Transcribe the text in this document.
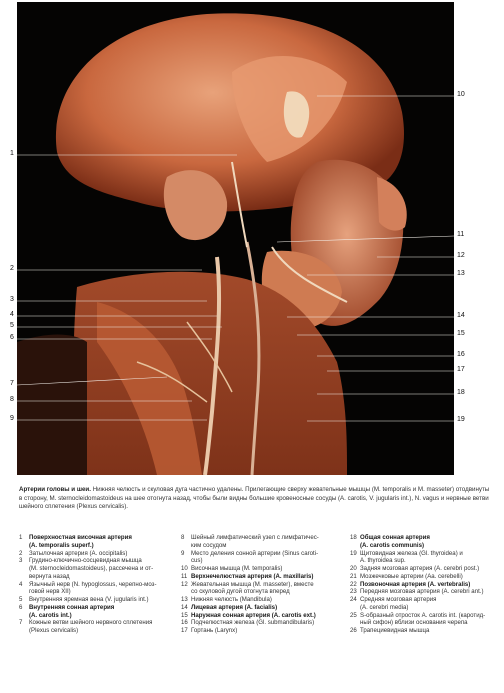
1
2
3
4
5
6
7
8
9
10
11
12
13
14
15
16
17
18
19
Артерии головы и шеи. Нижняя челюсть и скуловая дуга частично удалены. Прилегающие сверху жевательные мышцы (M. temporalis и M. masseter) отодвинуты в сторону, M. sternocleidomastoideus на шее отогнута назад, чтобы были видны большие кровеносные сосуды (A. carotis, V. jugularis int.), N. vagus и нервные ветви шейного сплетения (Plexus cervicalis).
1	Поверхностная височная артерия
(A. temporalis superf.)
2	Затылочная артерия (A. occipitalis)
3	Грудино-ключично-сосцевидная мышца
(M. sternocleidomastoideus), рассечена и от-
вернута назад
4	Язычный нерв (N. hypoglossus, черепно-моз-
говой нерв XII)
5	Внутренняя яремная вена (V. jugularis int.)
6	Внутренняя сонная артерия
(A. carotis int.)
7	Кожные ветви шейного нервного сплетения
(Plexus cervicalis)
8	Шейный лимфатический узел с лимфатичес-
ким сосудом
9	Место деления сонной артерии (Sinus caroti-
cus)
10 Височная мышца (M. temporalis)
11 Верхнечелюстная артерия (A. maxillaris)
12 Жевательная мышца (M. masseter), вместе
со скуловой дугой отогнута вперед
13 Нижняя челюсть (Mandibula)
14 Лицевая артерия (A. facialis)
15 Наружная сонная артерия (A. carotis ext.)
16 Подчелюстная железа (Gl. submandibularis)
17 Гортань (Larynx)
18 Общая сонная артерия
(A. carotis communis)
19 Щитовидная железа (Gl. thyroidea) и
A. thyroidea sup.
20 Задняя мозговая артерия (A. cerebri post.)
21 Мозжечковые артерии (Aa. cerebelli)
22 Позвоночная артерия (A. vertebralis)
23 Передняя мозговая артерия (A. cerebri ant.)
24 Средняя мозговая артерия
(A. cerebri media)
25 S-образный отросток A. carotis int. (каротид-
ный сифон) вблизи основания черепа
26 Трапециевидная мышца
